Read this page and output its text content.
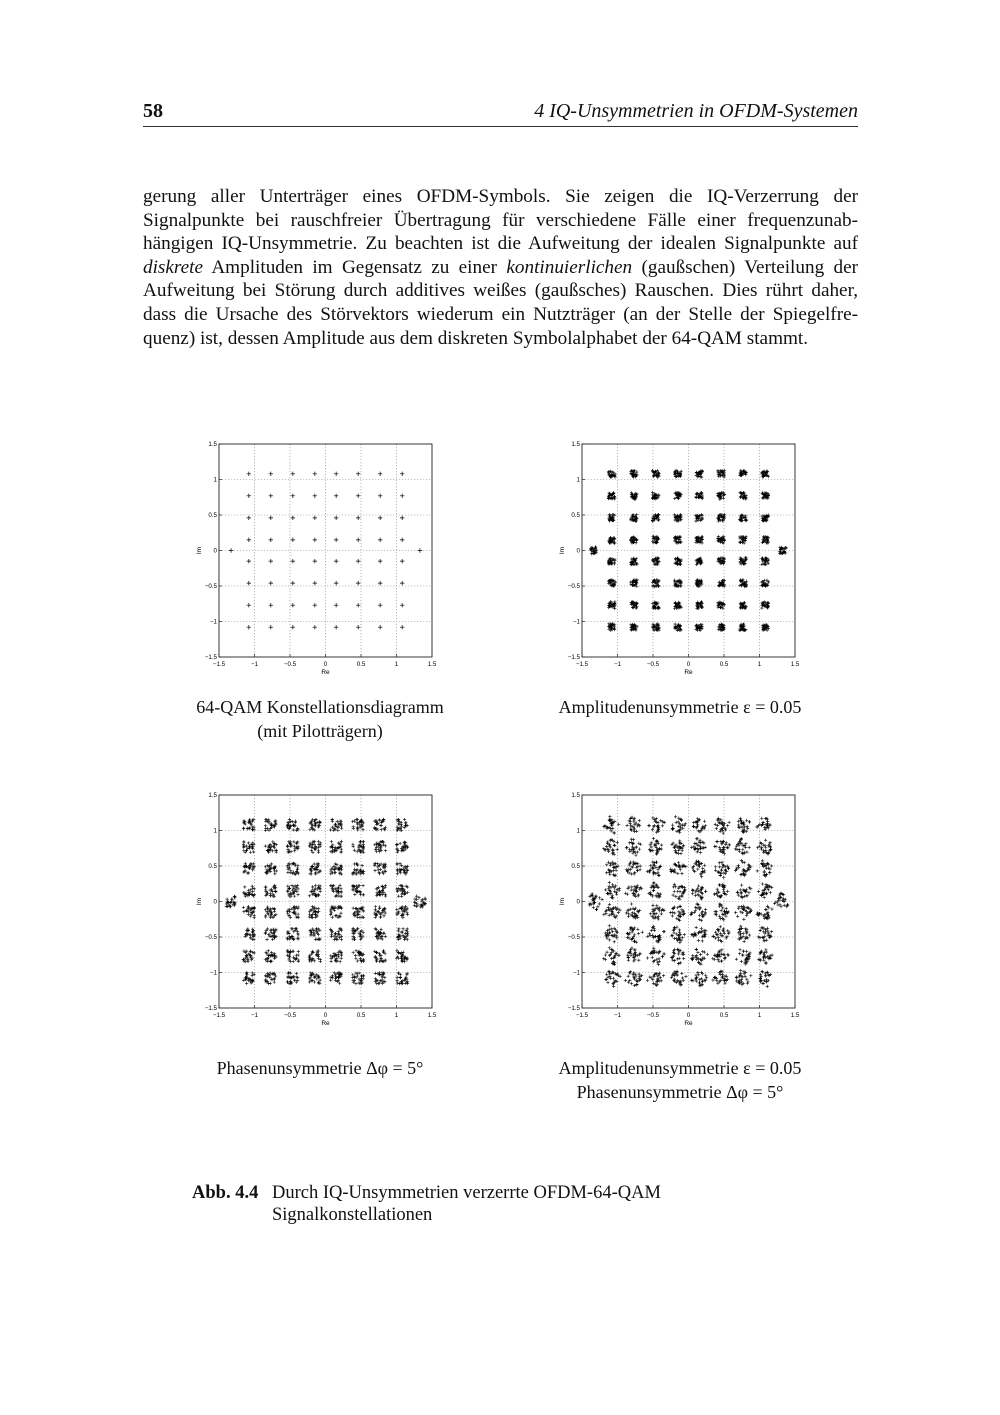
58	4 IQ-Unsymmetrien in OFDM-Systemen
gerung aller Unterträger eines OFDM-Symbols. Sie zeigen die IQ-Verzerrung der
Signalpunkte bei rauschfreier Übertragung für verschiedene Fälle einer frequenzunab-
hängigen IQ-Unsymmetrie. Zu beachten ist die Aufweitung der idealen Signalpunkte auf
diskrete Amplituden im Gegensatz zu einer kontinuierlichen (gaußschen) Verteilung der
Aufweitung bei Störung durch additives weißes (gaußsches) Rauschen. Dies rührt daher,
dass die Ursache des Störvektors wiederum ein Nutzträger (an der Stelle der Spiegelfre-
quenz) ist, dessen Amplitude aus dem diskreten Symbolalphabet der 64-QAM stammt.
−1.5
−1.5
−1
−1
−0.5
−0.5
0
0
0.5
0.5
1
1
1.5
1.5
Re
Im
−1.5
−1.5
−1
−1
−0.5
−0.5
0
0
0.5
0.5
1
1
1.5
1.5
Re
Im
−1.5
−1.5
−1
−1
−0.5
−0.5
0
0
0.5
0.5
1
1
1.5
1.5
Re
Im
−1.5
−1.5
−1
−1
−0.5
−0.5
0
0
0.5
0.5
1
1
1.5
1.5
Re
Im
64-QAM Konstellationsdiagramm
(mit Pilotträgern)
Amplitudenunsymmetrie ε = 0.05
Phasenunsymmetrie Δφ = 5°	Amplitudenunsymmetrie ε = 0.05
Phasenunsymmetrie Δφ = 5°
Abb. 4.4 Durch IQ-Unsymmetrien verzerrte OFDM-64-QAM
Signalkonstellationen
